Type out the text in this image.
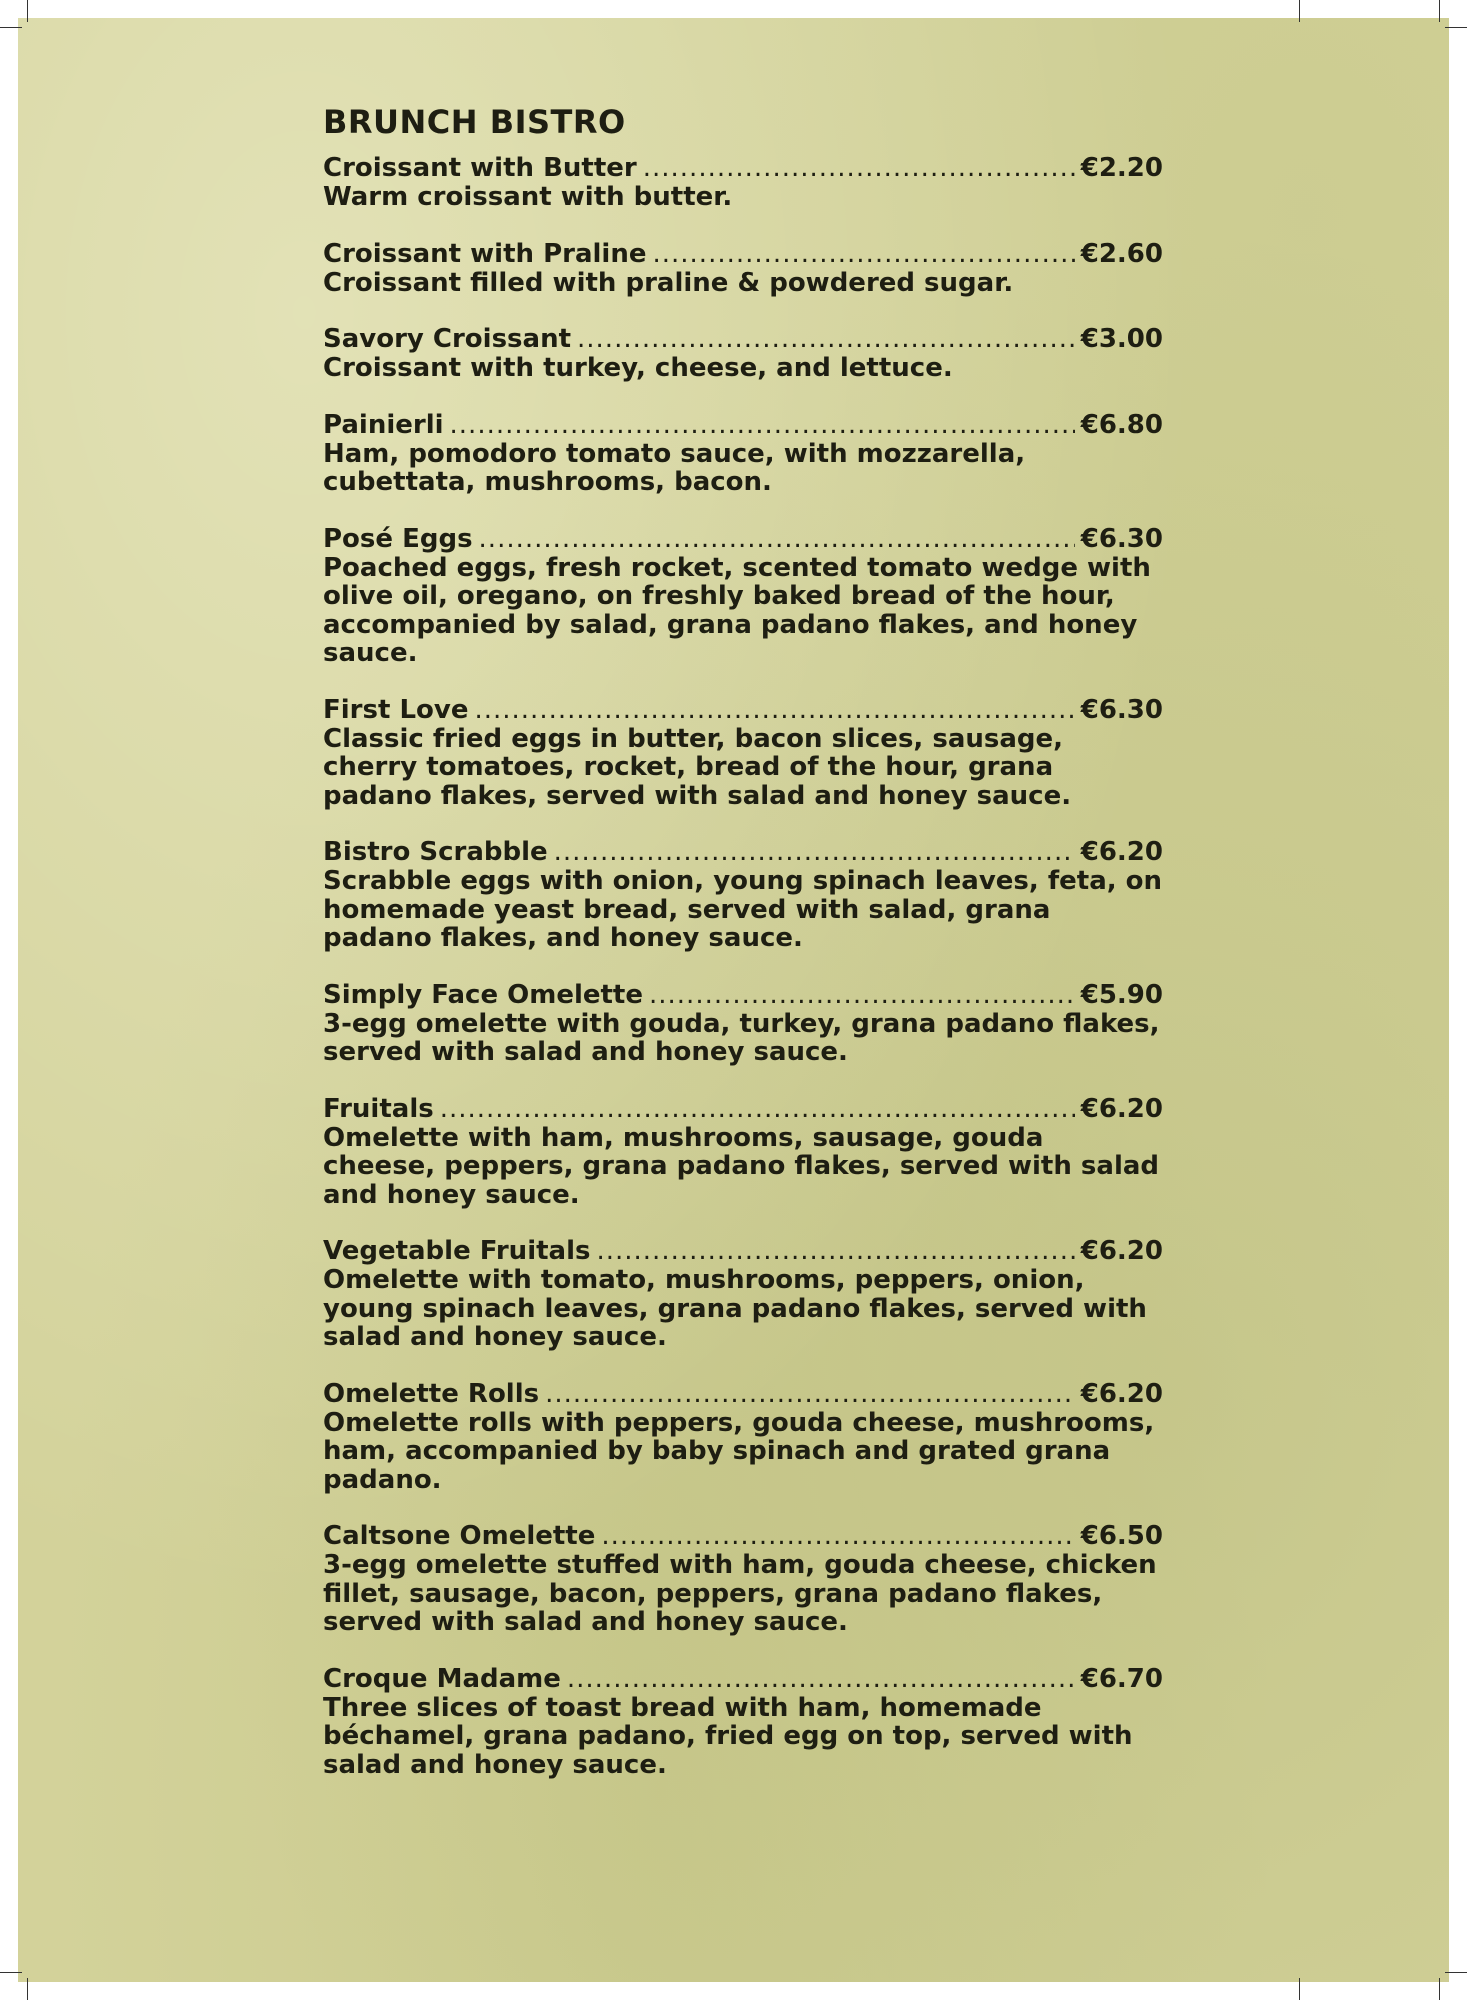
BRUNCH BISTRO
Croissant with Butter .....	€2.20
Warm croissant with butter.
Croissant with Praline .....	€2.60
Croissant filled with praline & powdered sugar.
Savory Croissant .....	€3.00
Croissant with turkey, cheese, and lettuce.
Painierli .....	€6.80
Ham, pomodoro tomato sauce, with mozzarella, cubettata, mushrooms, bacon.
Posé Eggs .....	€6.30
Poached eggs, fresh rocket, scented tomato wedge with olive oil, oregano, on freshly baked bread of the hour, accompanied by salad, grana padano flakes, and honey sauce.
First Love .....	€6.30
Classic fried eggs in butter, bacon slices, sausage, cherry tomatoes, rocket, bread of the hour, grana padano flakes, served with salad and honey sauce.
Bistro Scrabble .....	€6.20
Scrabble eggs with onion, young spinach leaves, feta, on homemade yeast bread, served with salad, grana padano flakes, and honey sauce.
Simply Face Omelette .....	€5.90
3-egg omelette with gouda, turkey, grana padano flakes, served with salad and honey sauce.
Fruitals .....	€6.20
Omelette with ham, mushrooms, sausage, gouda cheese, peppers, grana padano flakes, served with salad and honey sauce.
Vegetable Fruitals .....	€6.20
Omelette with tomato, mushrooms, peppers, onion, young spinach leaves, grana padano flakes, served with salad and honey sauce.
Omelette Rolls .....	€6.20
Omelette rolls with peppers, gouda cheese, mushrooms, ham, accompanied by baby spinach and grated grana padano.
Caltsone Omelette .....	€6.50
3-egg omelette stuffed with ham, gouda cheese, chicken fillet, sausage, bacon, peppers, grana padano flakes, served with salad and honey sauce.
Croque Madame .....	€6.70
Three slices of toast bread with ham, homemade béchamel, grana padano, fried egg on top, served with salad and honey sauce.
